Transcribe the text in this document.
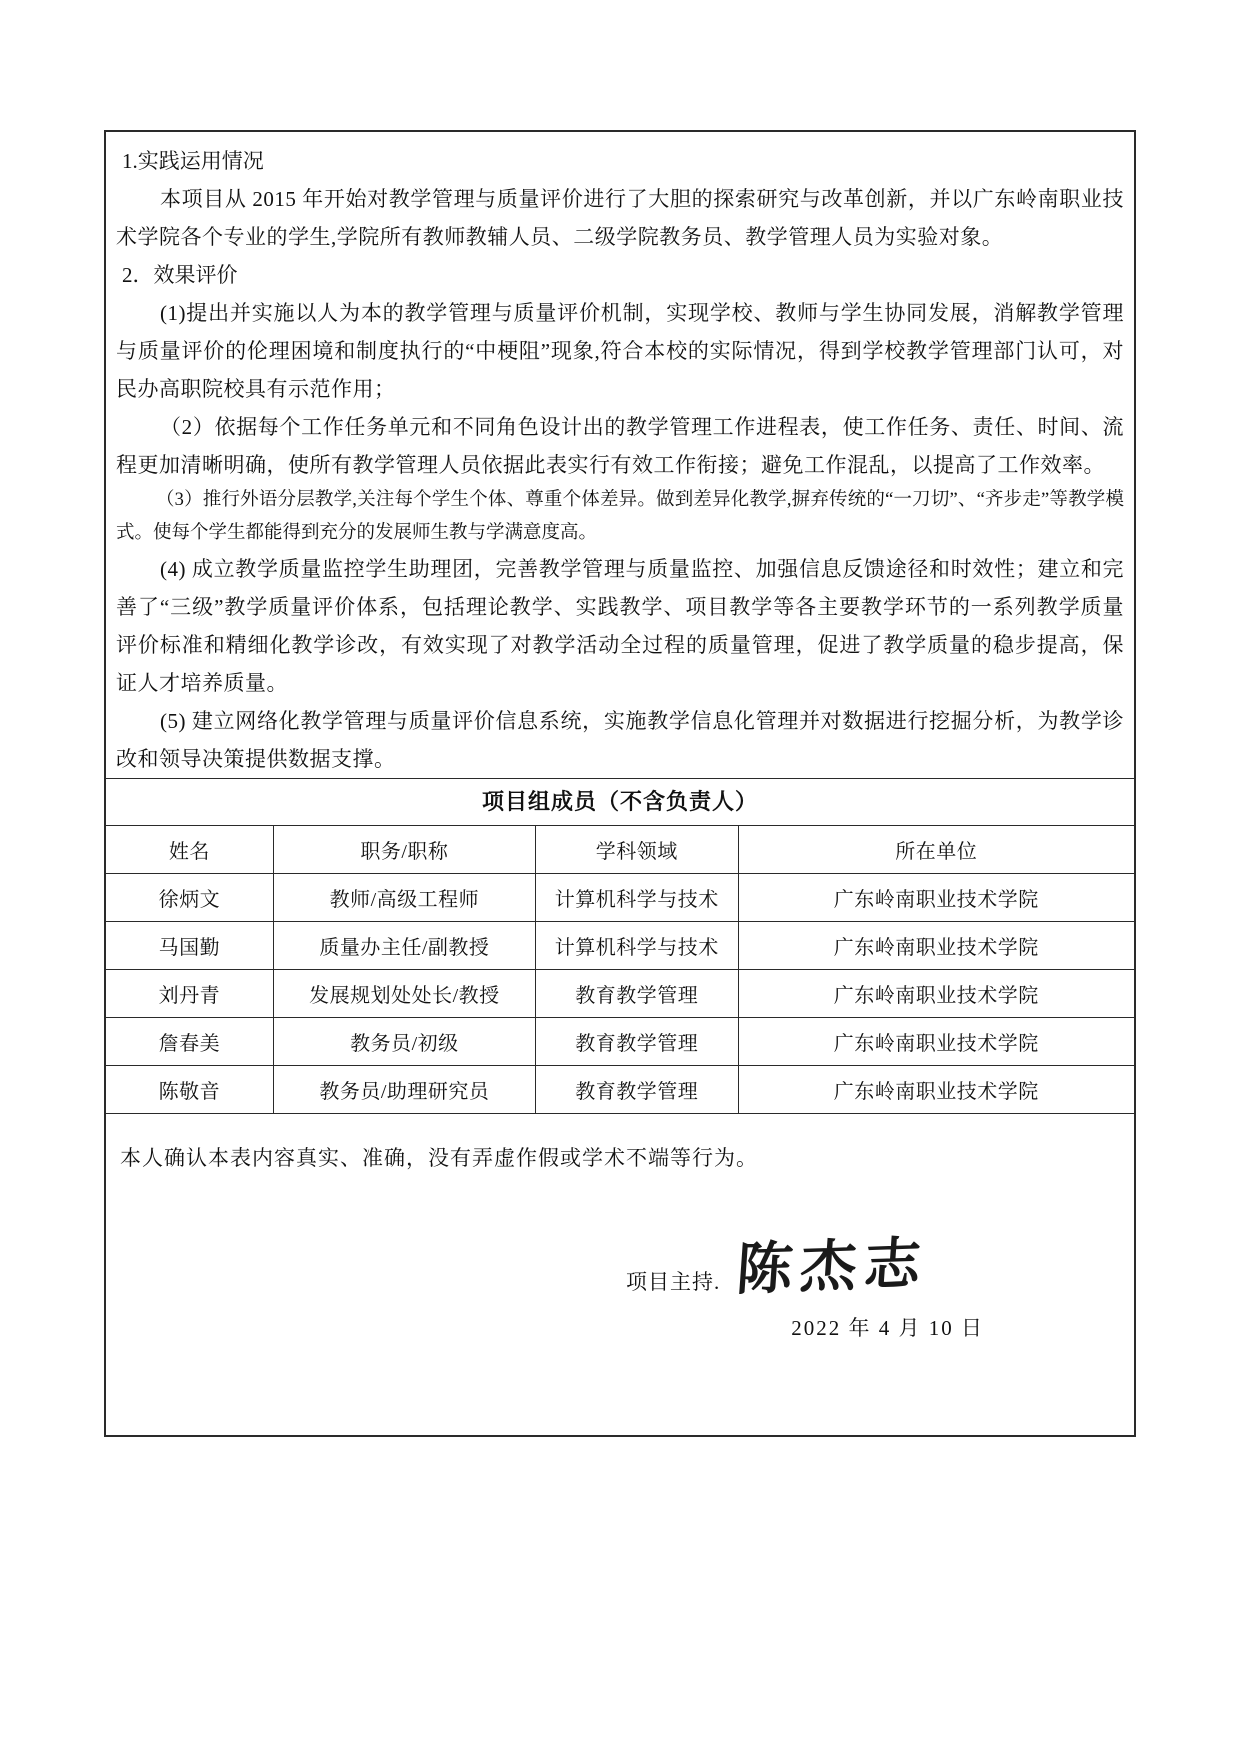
1.实践运用情况

本项目从 2015 年开始对教学管理与质量评价进行了大胆的探索研究与改革创新，并以广东岭南职业技术学院各个专业的学生,学院所有教师教辅人员、二级学院教务员、教学管理人员为实验对象。

2．效果评价

(1)提出并实施以人为本的教学管理与质量评价机制，实现学校、教师与学生协同发展，消解教学管理与质量评价的伦理困境和制度执行的“中梗阻”现象,符合本校的实际情况，得到学校教学管理部门认可，对民办高职院校具有示范作用；

（2）依据每个工作任务单元和不同角色设计出的教学管理工作进程表，使工作任务、责任、时间、流程更加清晰明确，使所有教学管理人员依据此表实行有效工作衔接；避免工作混乱，以提高了工作效率。

（3）推行外语分层教学,关注每个学生个体、尊重个体差异。做到差异化教学,摒弃传统的“一刀切”、“齐步走”等教学模式。使每个学生都能得到充分的发展师生教与学满意度高。

(4) 成立教学质量监控学生助理团，完善教学管理与质量监控、加强信息反馈途径和时效性；建立和完善了“三级”教学质量评价体系，包括理论教学、实践教学、项目教学等各主要教学环节的一系列教学质量评价标准和精细化教学诊改，有效实现了对教学活动全过程的质量管理，促进了教学质量的稳步提高，保证人才培养质量。

(5) 建立网络化教学管理与质量评价信息系统，实施教学信息化管理并对数据进行挖掘分析，为教学诊改和领导决策提供数据支撑。

项目组成员（不含负责人）
姓名	职务/职称	学科领域	所在单位
徐炳文	教师/高级工程师	计算机科学与技术	广东岭南职业技术学院
马国勤	质量办主任/副教授	计算机科学与技术	广东岭南职业技术学院
刘丹青	发展规划处处长/教授	教育教学管理	广东岭南职业技术学院
詹春美	教务员/初级	教育教学管理	广东岭南职业技术学院
陈敬音	教务员/助理研究员	教育教学管理	广东岭南职业技术学院

本人确认本表内容真实、准确，没有弄虚作假或学术不端等行为。

项目主持. 陈杰志
2022 年 4 月 10 日
